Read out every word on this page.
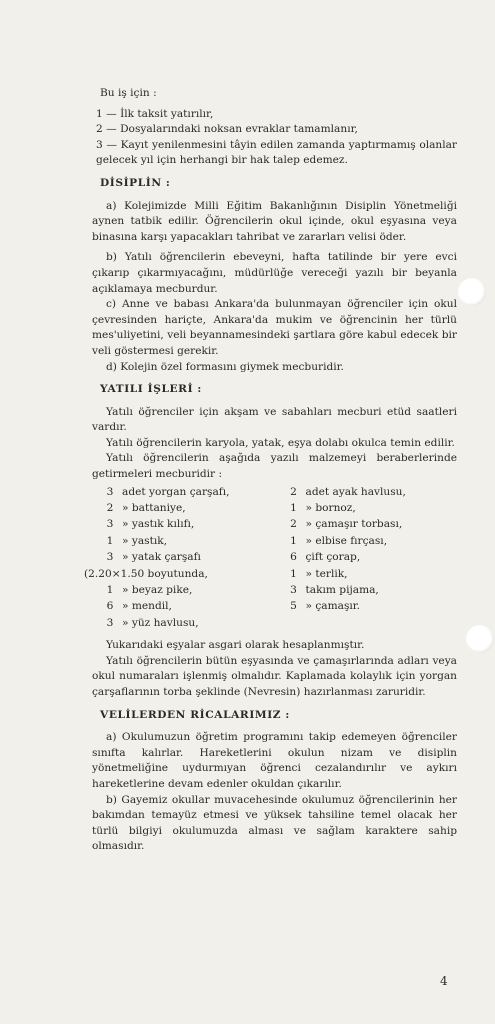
Bu iş için :

1 — İlk taksit yatırılır,

2 — Dosyalarındaki noksan evraklar tamamlanır,

3 — Kayıt yenilenmesini tâyin edilen zamanda yaptırmamış olanlar gelecek yıl için herhangi bir hak talep edemez.

DİSİPLİN :

a) Kolejimizde Milli Eğitim Bakanlığının Disiplin Yönetmeliği aynen tatbik edilir. Öğrencilerin okul içinde, okul eşyasına veya binasına karşı yapacakları tahribat ve zararları velisi öder.

b) Yatılı öğrencilerin ebeveyni, hafta tatilinde bir yere evci çıkarıp çıkarmıyacağını, müdürlüğe vereceği yazılı bir beyanla açıklamaya mecburdur.

c) Anne ve babası Ankara'da bulunmayan öğrenciler için okul çevresinden hariçte, Ankara'da mukim ve öğrencinin her türlü mes'uliyetini, veli beyannamesindeki şartlara göre kabul edecek bir veli göstermesi gerekir.

d) Kolejin özel formasını giymek mecburidir.

YATILI İŞLERİ :

Yatılı öğrenciler için akşam ve sabahları mecburi etüd saatleri vardır.

Yatılı öğrencilerin karyola, yatak, eşya dolabı okulca temin edilir.

Yatılı öğrencilerin aşağıda yazılı malzemeyi beraberlerinde getirmeleri mecburidir :

3 adet yorgan çarşafı,
2 » battaniye,
3 » yastık kılıfı,
1 » yastık,
3 » yatak çarşafı
(2.20×1.50 boyutunda,
1 » beyaz pike,
6 » mendil,
3 » yüz havlusu,
2 adet ayak havlusu,
1 » bornoz,
2 » çamaşır torbası,
1 » elbise fırçası,
6 çift çorap,
1 » terlik,
3 takım pijama,
5 » çamaşır.

Yukarıdaki eşyalar asgari olarak hesaplanmıştır.

Yatılı öğrencilerin bütün eşyasında ve çamaşırlarında adları veya okul numaraları işlenmiş olmalıdır. Kaplamada kolaylık için yorgan çarşaflarının torba şeklinde (Nevresin) hazırlanması zaruridir.

VELİLERDEN RİCALARIMIZ :

a) Okulumuzun öğretim programını takip edemeyen öğrenciler sınıfta kalırlar. Hareketlerini okulun nizam ve disiplin yönetmeliğine uydurmıyan öğrenci cezalandırılır ve aykırı hareketlerine devam edenler okuldan çıkarılır.

b) Gayemiz okullar muvacehesinde okulumuz öğrencilerinin her bakımdan temayüz etmesi ve yüksek tahsiline temel olacak her türlü bilgiyi okulumuzda alması ve sağlam karaktere sahip olmasıdır.

4
